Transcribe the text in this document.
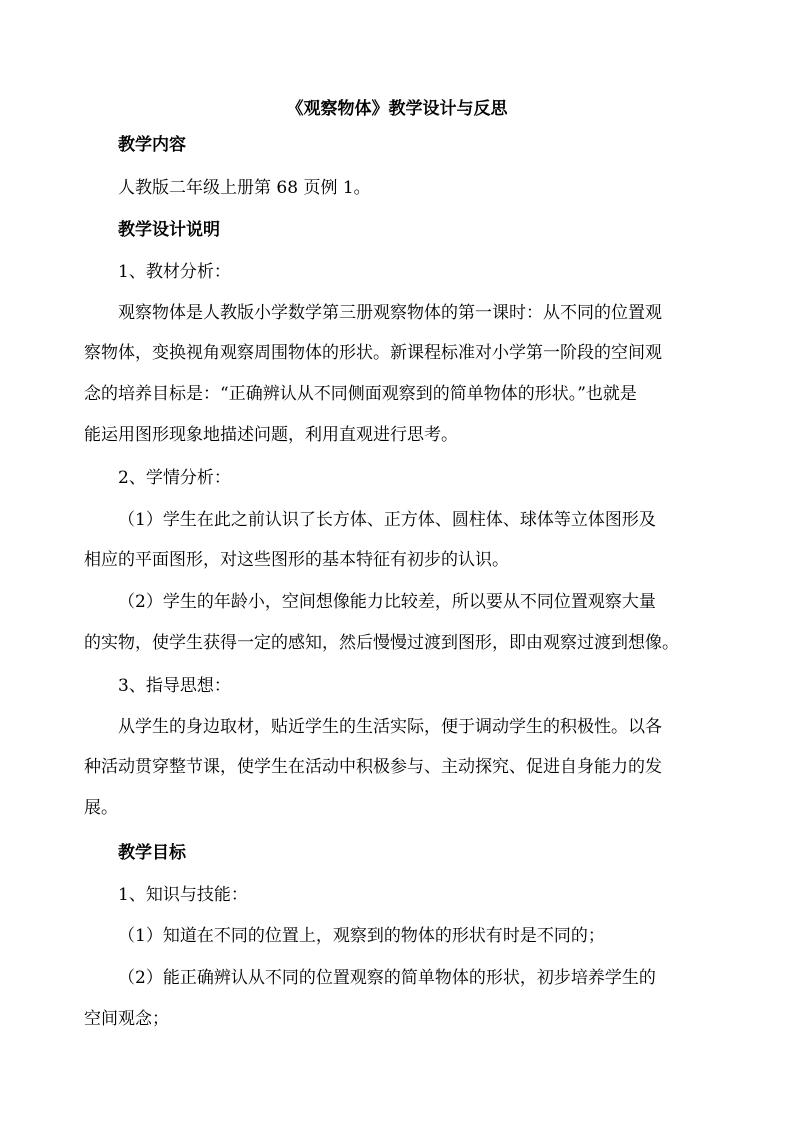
《观察物体》教学设计与反思
教学内容
人教版二年级上册第 68 页例 1。
教学设计说明
1、教材分析：
观察物体是人教版小学数学第三册观察物体的第一课时：从不同的位置观
察物体，变换视角观察周围物体的形状。新课程标准对小学第一阶段的空间观
念的培养目标是：“正确辨认从不同侧面观察到的简单物体的形状。”也就是
能运用图形现象地描述问题，利用直观进行思考。
2、学情分析：
（1）学生在此之前认识了长方体、正方体、圆柱体、球体等立体图形及
相应的平面图形，对这些图形的基本特征有初步的认识。
（2）学生的年龄小，空间想像能力比较差，所以要从不同位置观察大量
的实物，使学生获得一定的感知，然后慢慢过渡到图形，即由观察过渡到想像。
3、指导思想：
从学生的身边取材，贴近学生的生活实际，便于调动学生的积极性。以各
种活动贯穿整节课，使学生在活动中积极参与、主动探究、促进自身能力的发
展。
教学目标
1、知识与技能：
（1）知道在不同的位置上，观察到的物体的形状有时是不同的；
（2）能正确辨认从不同的位置观察的简单物体的形状，初步培养学生的
空间观念；
